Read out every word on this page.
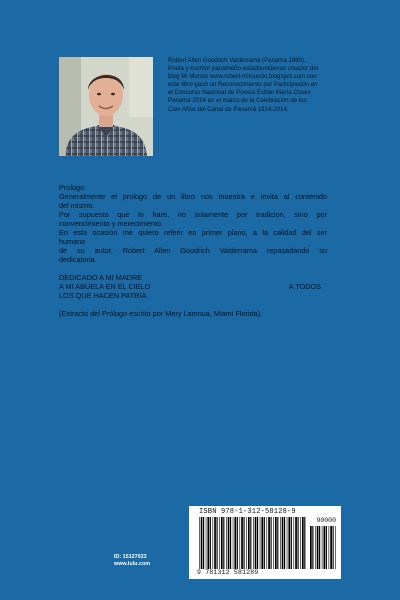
Robert Allen Goodrich Valderrama (Panamá 1980). Poeta y escritor panameño-estadounidense creador del blog Mi Mundo www.robert-mimundo.blogspot.com con este libro ganó un Reconocimiento por Participación en el Concurso Nacional de Poesía Esther María Osses Panamá 2014 en el marco de la Celebración de los Cien Años del Canal de Panamá 1914-2014.

Prologo

Generalmente el prologo de un libro nos muestra e invita al contenido

del mismo.

Por supuesto que lo hare, no solamente por tradicion, sino por

convencimiento y merecimiento.

En esta ocasion me quiero referir en primer plano, a la calidad del ser

humano

de su autor, Robert Allen Goodrich Valderrama repasadando su

dedicatoria.

DEDICADO A MI MADRE

A MI ABUELA EN EL CIELO	A TODOS

LOS QUE HACEN PATRIA.

(Extracto del Prólogo escrito por Mery Lamnua, Miami Florida).

ID: 15127023
www.lulu.com
ISBN 978-1-312-58128-9
90000
9 781312 581289
